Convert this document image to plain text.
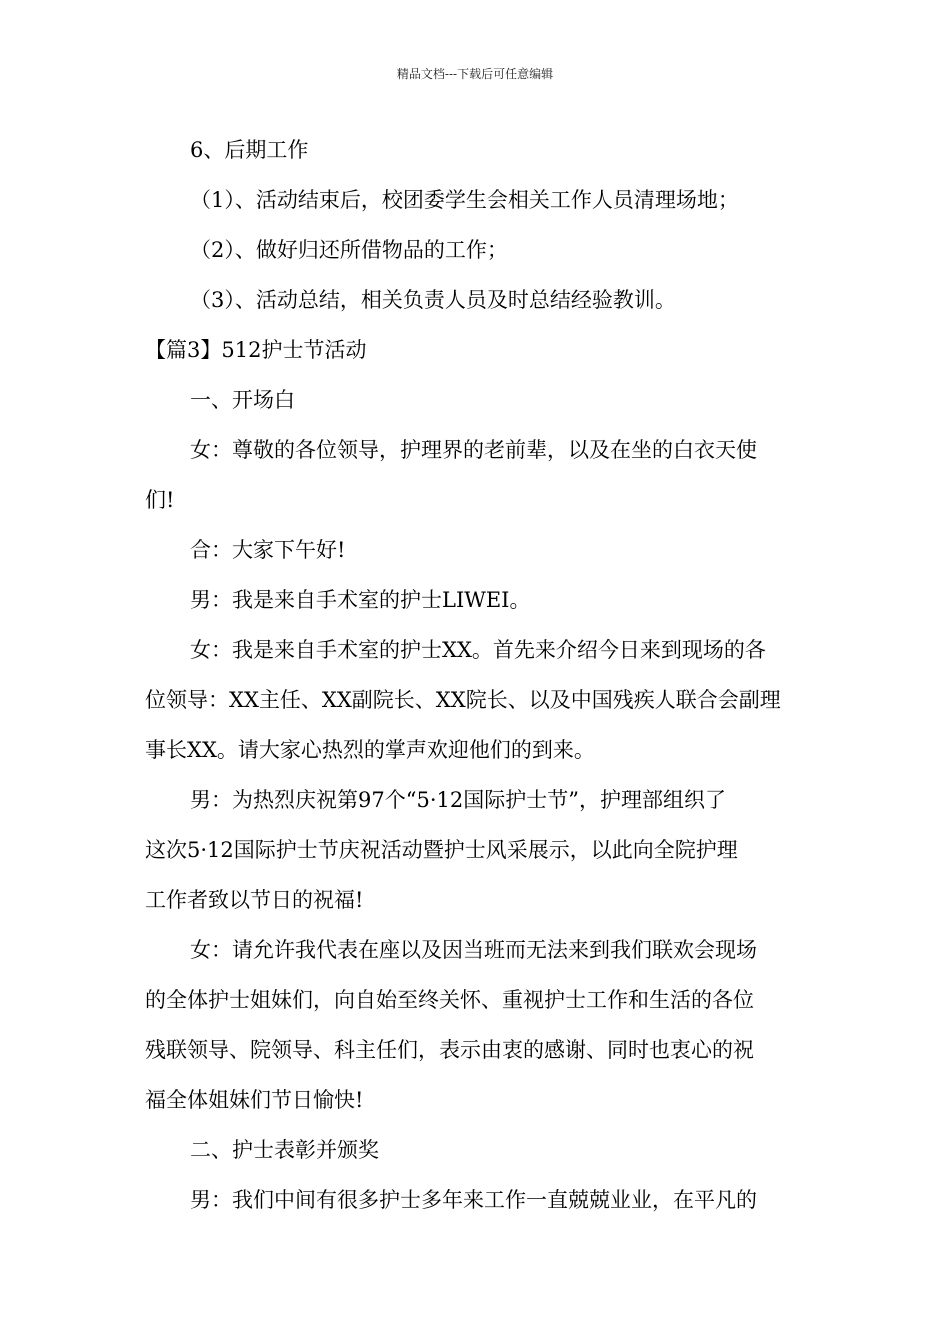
精品文档---下载后可任意编辑

6、后期工作

（1）、活动结束后，校团委学生会相关工作人员清理场地；

（2）、做好归还所借物品的工作；

（3）、活动总结，相关负责人员及时总结经验教训。

【篇3】512护士节活动

一、开场白

女：尊敬的各位领导，护理界的老前辈，以及在坐的白衣天使

们!

合：大家下午好!

男：我是来自手术室的护士LIWEI。

女：我是来自手术室的护士XX。首先来介绍今日来到现场的各

位领导：XX主任、XX副院长、XX院长、以及中国残疾人联合会副理

事长XX。请大家心热烈的掌声欢迎他们的到来。

男：为热烈庆祝第97个“5·12国际护士节”，护理部组织了

这次5·12国际护士节庆祝活动暨护士风采展示，以此向全院护理

工作者致以节日的祝福!

女：请允许我代表在座以及因当班而无法来到我们联欢会现场

的全体护士姐妹们，向自始至终关怀、重视护士工作和生活的各位

残联领导、院领导、科主任们，表示由衷的感谢、同时也衷心的祝

福全体姐妹们节日愉快!

二、护士表彰并颁奖

男：我们中间有很多护士多年来工作一直兢兢业业，在平凡的
